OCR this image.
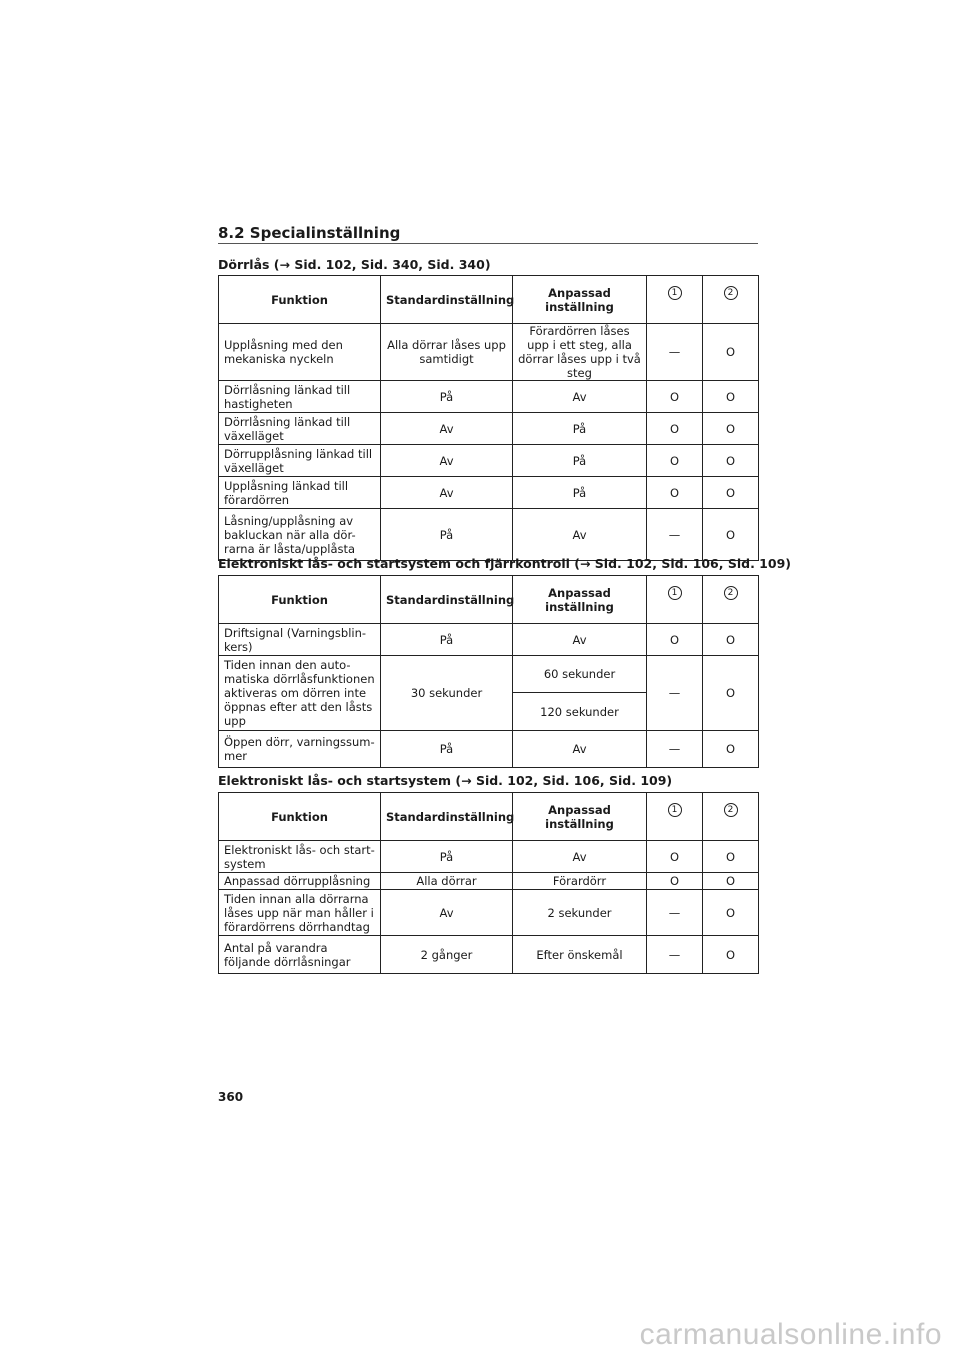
8.2 Specialinställning

Dörrlås (→ Sid. 102, Sid. 340, Sid. 340)

Funktion	Standardinställning	Anpassad inställning	1	2
Upplåsning med den mekaniska nyckeln	Alla dörrar låses upp samtidigt	Förardörren låses upp i ett steg, alla dörrar låses upp i två steg	—	O
Dörrlåsning länkad till hastigheten	På	Av	O	O
Dörrlåsning länkad till växelläget	Av	På	O	O
Dörrupplåsning länkad till växelläget	Av	På	O	O
Upplåsning länkad till förardörren	Av	På	O	O
Låsning/upplåsning av bakluckan när alla dör-rarna är låsta/upplåsta	På	Av	—	O

Elektroniskt lås- och startsystem och fjärrkontroll (→ Sid. 102, Sid. 106, Sid. 109)

Funktion	Standardinställning	Anpassad inställning	1	2
Driftsignal (Varningsblin-kers)	På	Av	O	O
Tiden innan den auto-matiska dörrlåsfunktionen aktiveras om dörren inte öppnas efter att den låsts upp	30 sekunder	60 sekunder	—	O
		120 sekunder		
Öppen dörr, varningssum-mer	På	Av	—	O

Elektroniskt lås- och startsystem (→ Sid. 102, Sid. 106, Sid. 109)

Funktion	Standardinställning	Anpassad inställning	1	2
Elektroniskt lås- och start-system	På	Av	O	O
Anpassad dörrupplåsning	Alla dörrar	Förardörr	O	O
Tiden innan alla dörrarna låses upp när man håller i förardörrens dörrhandtag	Av	2 sekunder	—	O
Antal på varandra följande dörrlåsningar	2 gånger	Efter önskemål	—	O
360
carmanualsonline.info
